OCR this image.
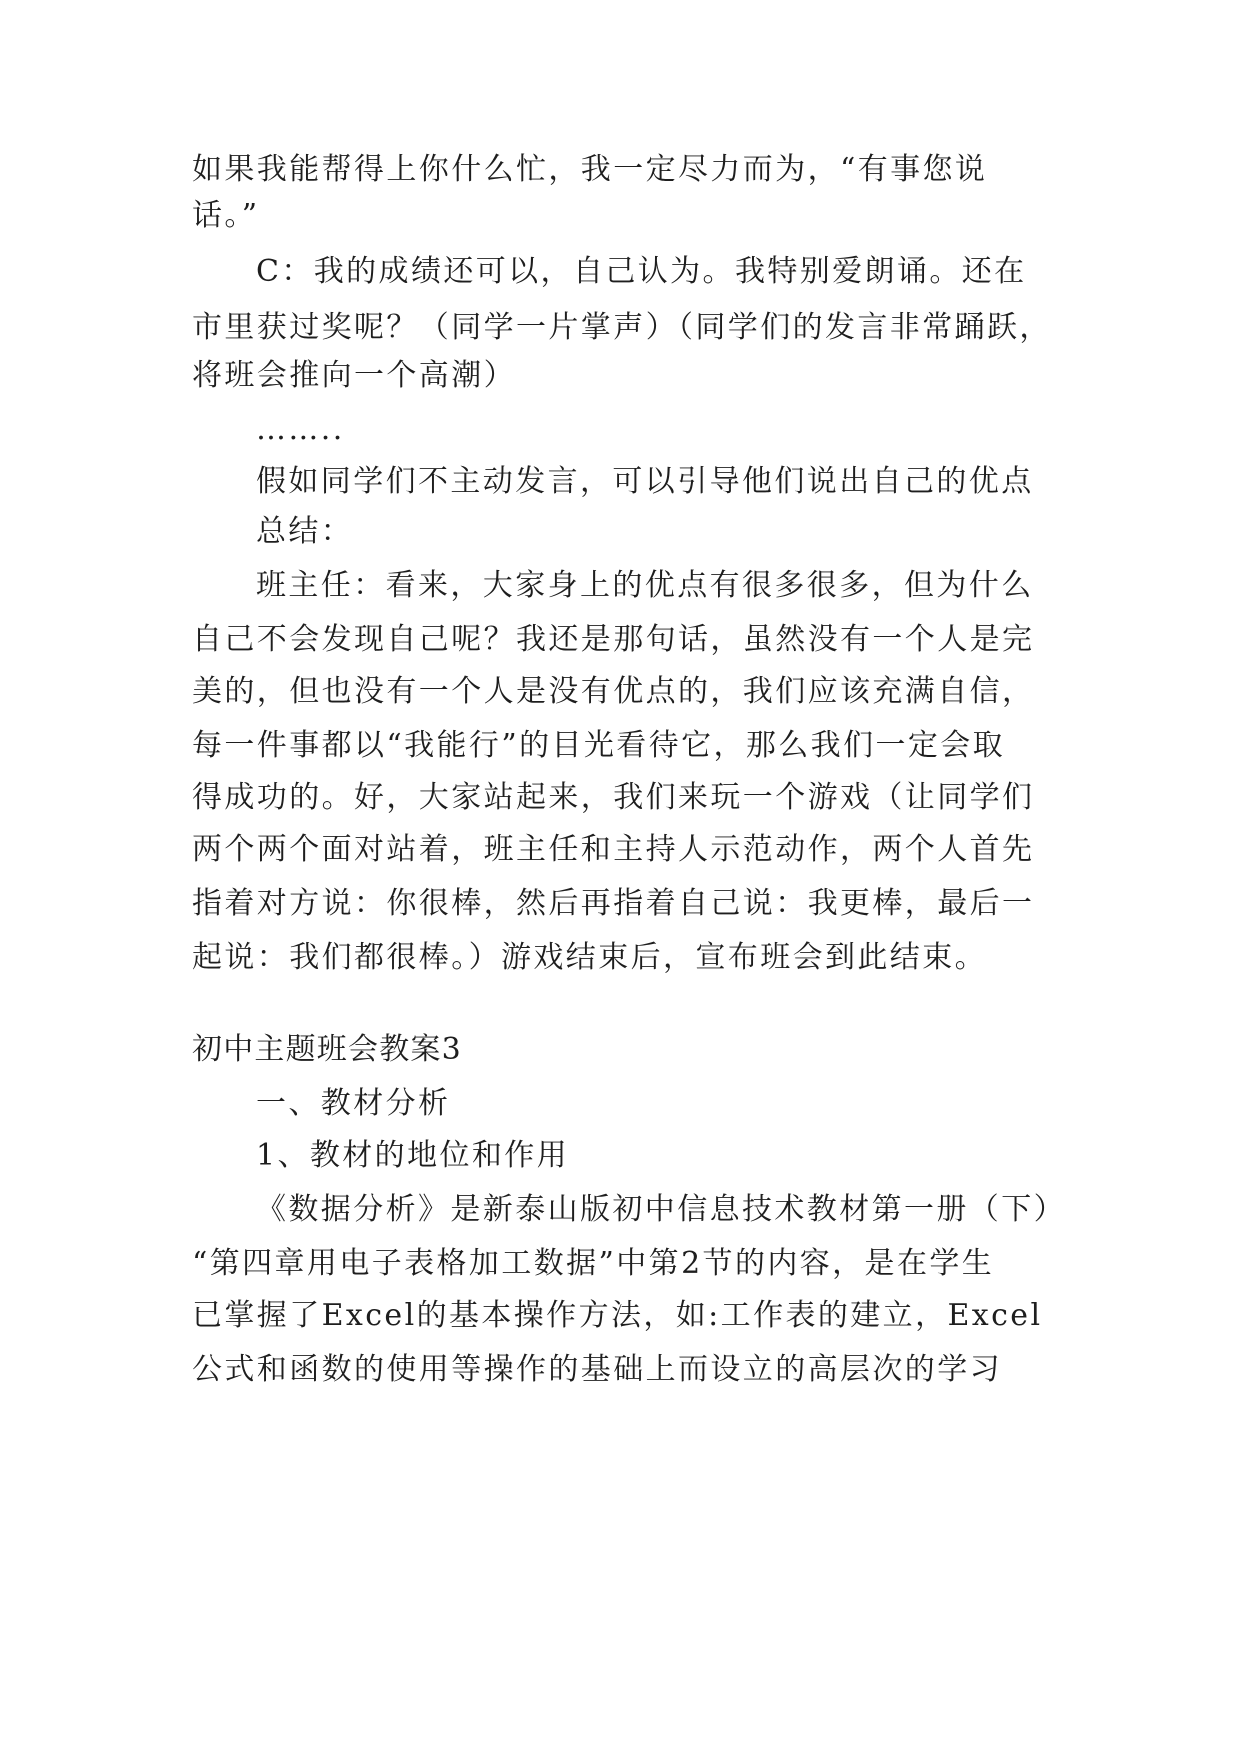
如果我能帮得上你什么忙，我一定尽力而为，“有事您说
话。”
C：我的成绩还可以，自己认为。我特别爱朗诵。还在
市里获过奖呢？（同学一片掌声）（同学们的发言非常踊跃，
将班会推向一个高潮）
……..
假如同学们不主动发言，可以引导他们说出自己的优点
总结：
班主任：看来，大家身上的优点有很多很多，但为什么
自己不会发现自己呢？我还是那句话，虽然没有一个人是完
美的，但也没有一个人是没有优点的，我们应该充满自信，
每一件事都以“我能行”的目光看待它，那么我们一定会取
得成功的。好，大家站起来，我们来玩一个游戏（让同学们
两个两个面对站着，班主任和主持人示范动作，两个人首先
指着对方说：你很棒，然后再指着自己说：我更棒，最后一
起说：我们都很棒。）游戏结束后，宣布班会到此结束。
初中主题班会教案3
一、教材分析
1、教材的地位和作用
《数据分析》是新泰山版初中信息技术教材第一册（下）
“第四章用电子表格加工数据”中第2节的内容，是在学生
已掌握了Excel的基本操作方法，如:工作表的建立，Excel
公式和函数的使用等操作的基础上而设立的高层次的学习
